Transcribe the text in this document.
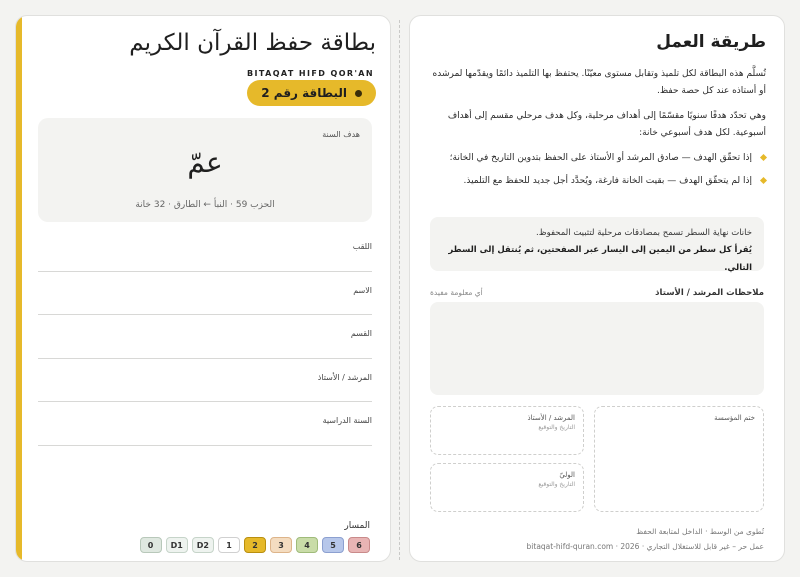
بطاقة حفظ القرآن الكريم
BITAQAT HIFD QOR'AN
البطاقة رقم 2
هدف السنة
عمّ
الحزب 59 · النبأ ← الطارق · 32 خانة
اللقب
الاسم
القسم
المرشد / الأستاذ
السنة الدراسية
المسار
6
5
4
3
2
1
D2
D1
0
طريقة العمل

تُسلَّم هذه البطاقة لكل تلميذ وتقابل مستوى معيّنًا. يحتفظ بها التلميذ دائمًا ويقدّمها لمرشده أو أستاذه عند كل حصة حفظ.

وهي تحدّد هدفًا سنويًا مقسّمًا إلى أهداف مرحلية، وكل هدف مرحلي مقسم إلى أهداف أسبوعية. لكل هدف أسبوعي خانة:

إذا تحقّق الهدف — صادق المرشد أو الأستاذ على الحفظ بتدوين التاريخ في الخانة؛
إذا لم يتحقّق الهدف — بقيت الخانة فارغة، ويُحدَّد أجل جديد للحفظ مع التلميذ.
خانات نهاية السطر تسمح بمصادقات مرحلية لتثبيت المحفوظ.
يُقرأ كل سطر من اليمين إلى اليسار عبر الصفحتين، ثم يُنتقل إلى السطر التالي.
ملاحظات المرشد / الأستاذ
أي معلومة مفيدة
ختم المؤسسة
المرشد / الأستاذ
التاريخ والتوقيع
الوليّ
التاريخ والتوقيع
تُطوى من الوسط · الداخل لمتابعة الحفظ
bitaqat-hifd-quran.com · 2026 · عمل حر – غير قابل للاستغلال التجاري
